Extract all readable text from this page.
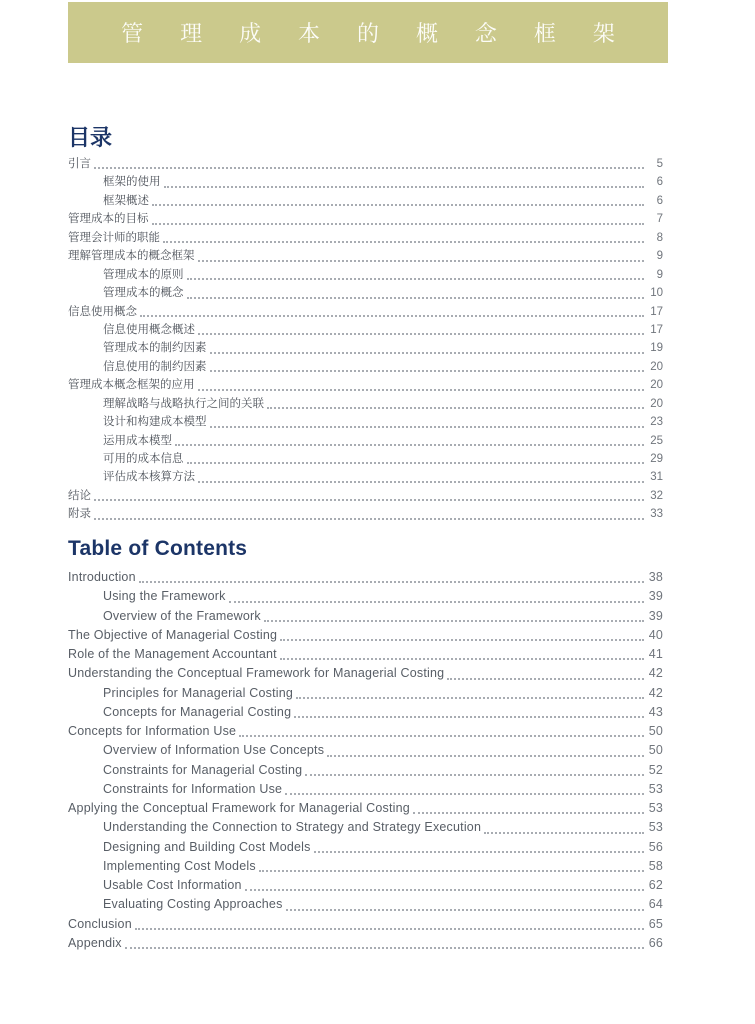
管理成本的概念框架
目录
引言	5
框架的使用	6
框架概述	6
管理成本的目标	7
管理会计师的职能	8
理解管理成本的概念框架	9
管理成本的原则	9
管理成本的概念	10
信息使用概念	17
信息使用概念概述	17
管理成本的制约因素	19
信息使用的制约因素	20
管理成本概念框架的应用	20
理解战略与战略执行之间的关联	20
设计和构建成本模型	23
运用成本模型	25
可用的成本信息	29
评估成本核算方法	31
结论	32
附录	33
Table of Contents
Introduction	38
Using the Framework	39
Overview of the Framework	39
The Objective of Managerial Costing	40
Role of the Management Accountant	41
Understanding the Conceptual Framework for Managerial Costing	42
Principles for Managerial Costing	42
Concepts for Managerial Costing	43
Concepts for Information Use	50
Overview of Information Use Concepts	50
Constraints for Managerial Costing	52
Constraints for Information Use	53
Applying the Conceptual Framework for Managerial Costing	53
Understanding the Connection to Strategy and Strategy Execution	53
Designing and Building Cost Models	56
Implementing Cost Models	58
Usable Cost Information	62
Evaluating Costing Approaches	64
Conclusion	65
Appendix	66
